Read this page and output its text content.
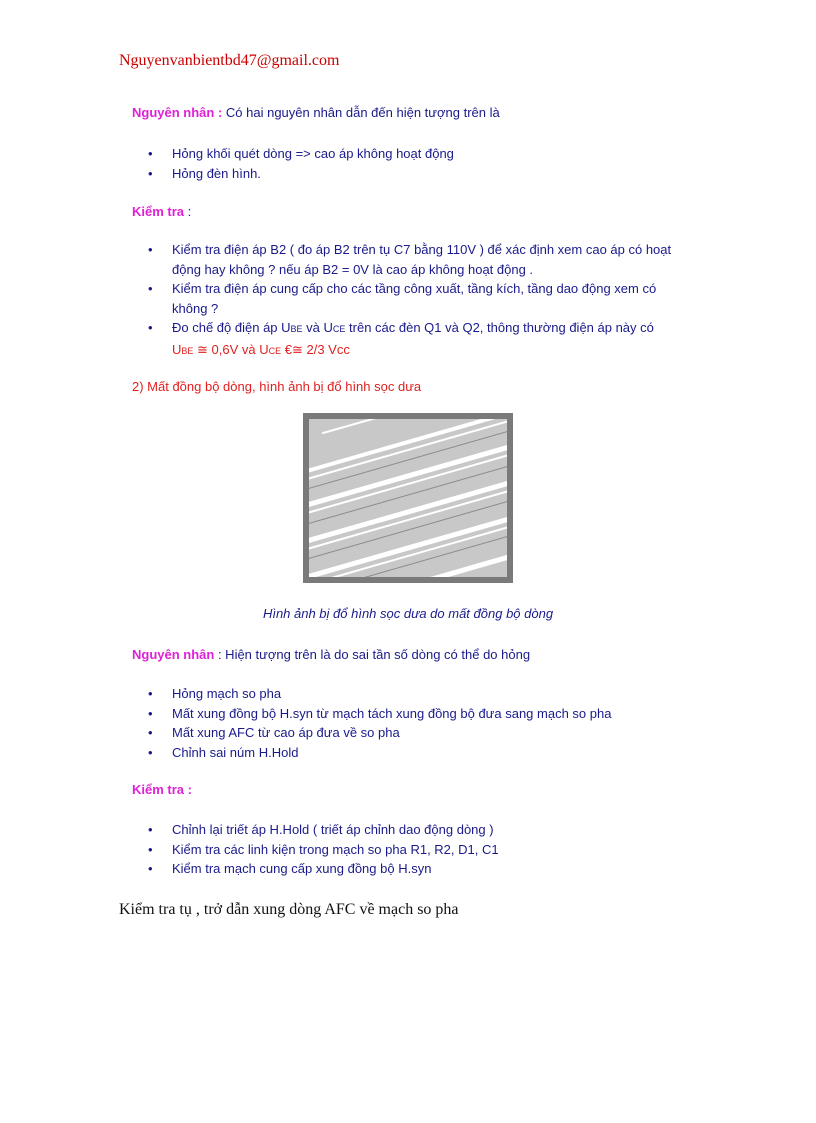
Nguyenvanbientbd47@gmail.com
Nguyên nhân : Có hai nguyên nhân dẫn đến hiện tượng trên là
• Hỏng khối quét dòng => cao áp không hoạt động
• Hỏng đèn hình.
Kiểm tra :
• Kiểm tra điện áp B2 ( đo áp B2 trên tụ C7 bằng 110V ) để xác định xem cao áp có hoạt
động hay không ? nếu áp B2 = 0V là cao áp không hoạt động .
• Kiểm tra điện áp cung cấp cho các tầng công xuất, tầng kích, tầng dao động xem có
không ?
• Đo chế độ điện áp UBE và UCE trên các đèn Q1 và Q2, thông thường điện áp này có
UBE ≅ 0,6V và UCE €≅ 2/3 Vcc
2) Mất đồng bộ dòng, hình ảnh bị đổ hình sọc dưa
Hình ảnh bị đổ hình sọc dưa do mất đồng bộ dòng
Nguyên nhân : Hiện tượng trên là do sai tần số dòng có thể do hỏng
• Hỏng mạch so pha
• Mất xung đồng bộ H.syn từ mạch tách xung đồng bộ đưa sang mạch so pha
• Mất xung AFC từ cao áp đưa về so pha
• Chỉnh sai núm H.Hold
Kiểm tra :
• Chỉnh lại triết áp H.Hold ( triết áp chỉnh dao động dòng )
• Kiểm tra các linh kiện trong mạch so pha R1, R2, D1, C1
• Kiểm tra mạch cung cấp xung đồng bộ H.syn
Kiểm tra tụ , trở dẫn xung dòng AFC về mạch so pha
